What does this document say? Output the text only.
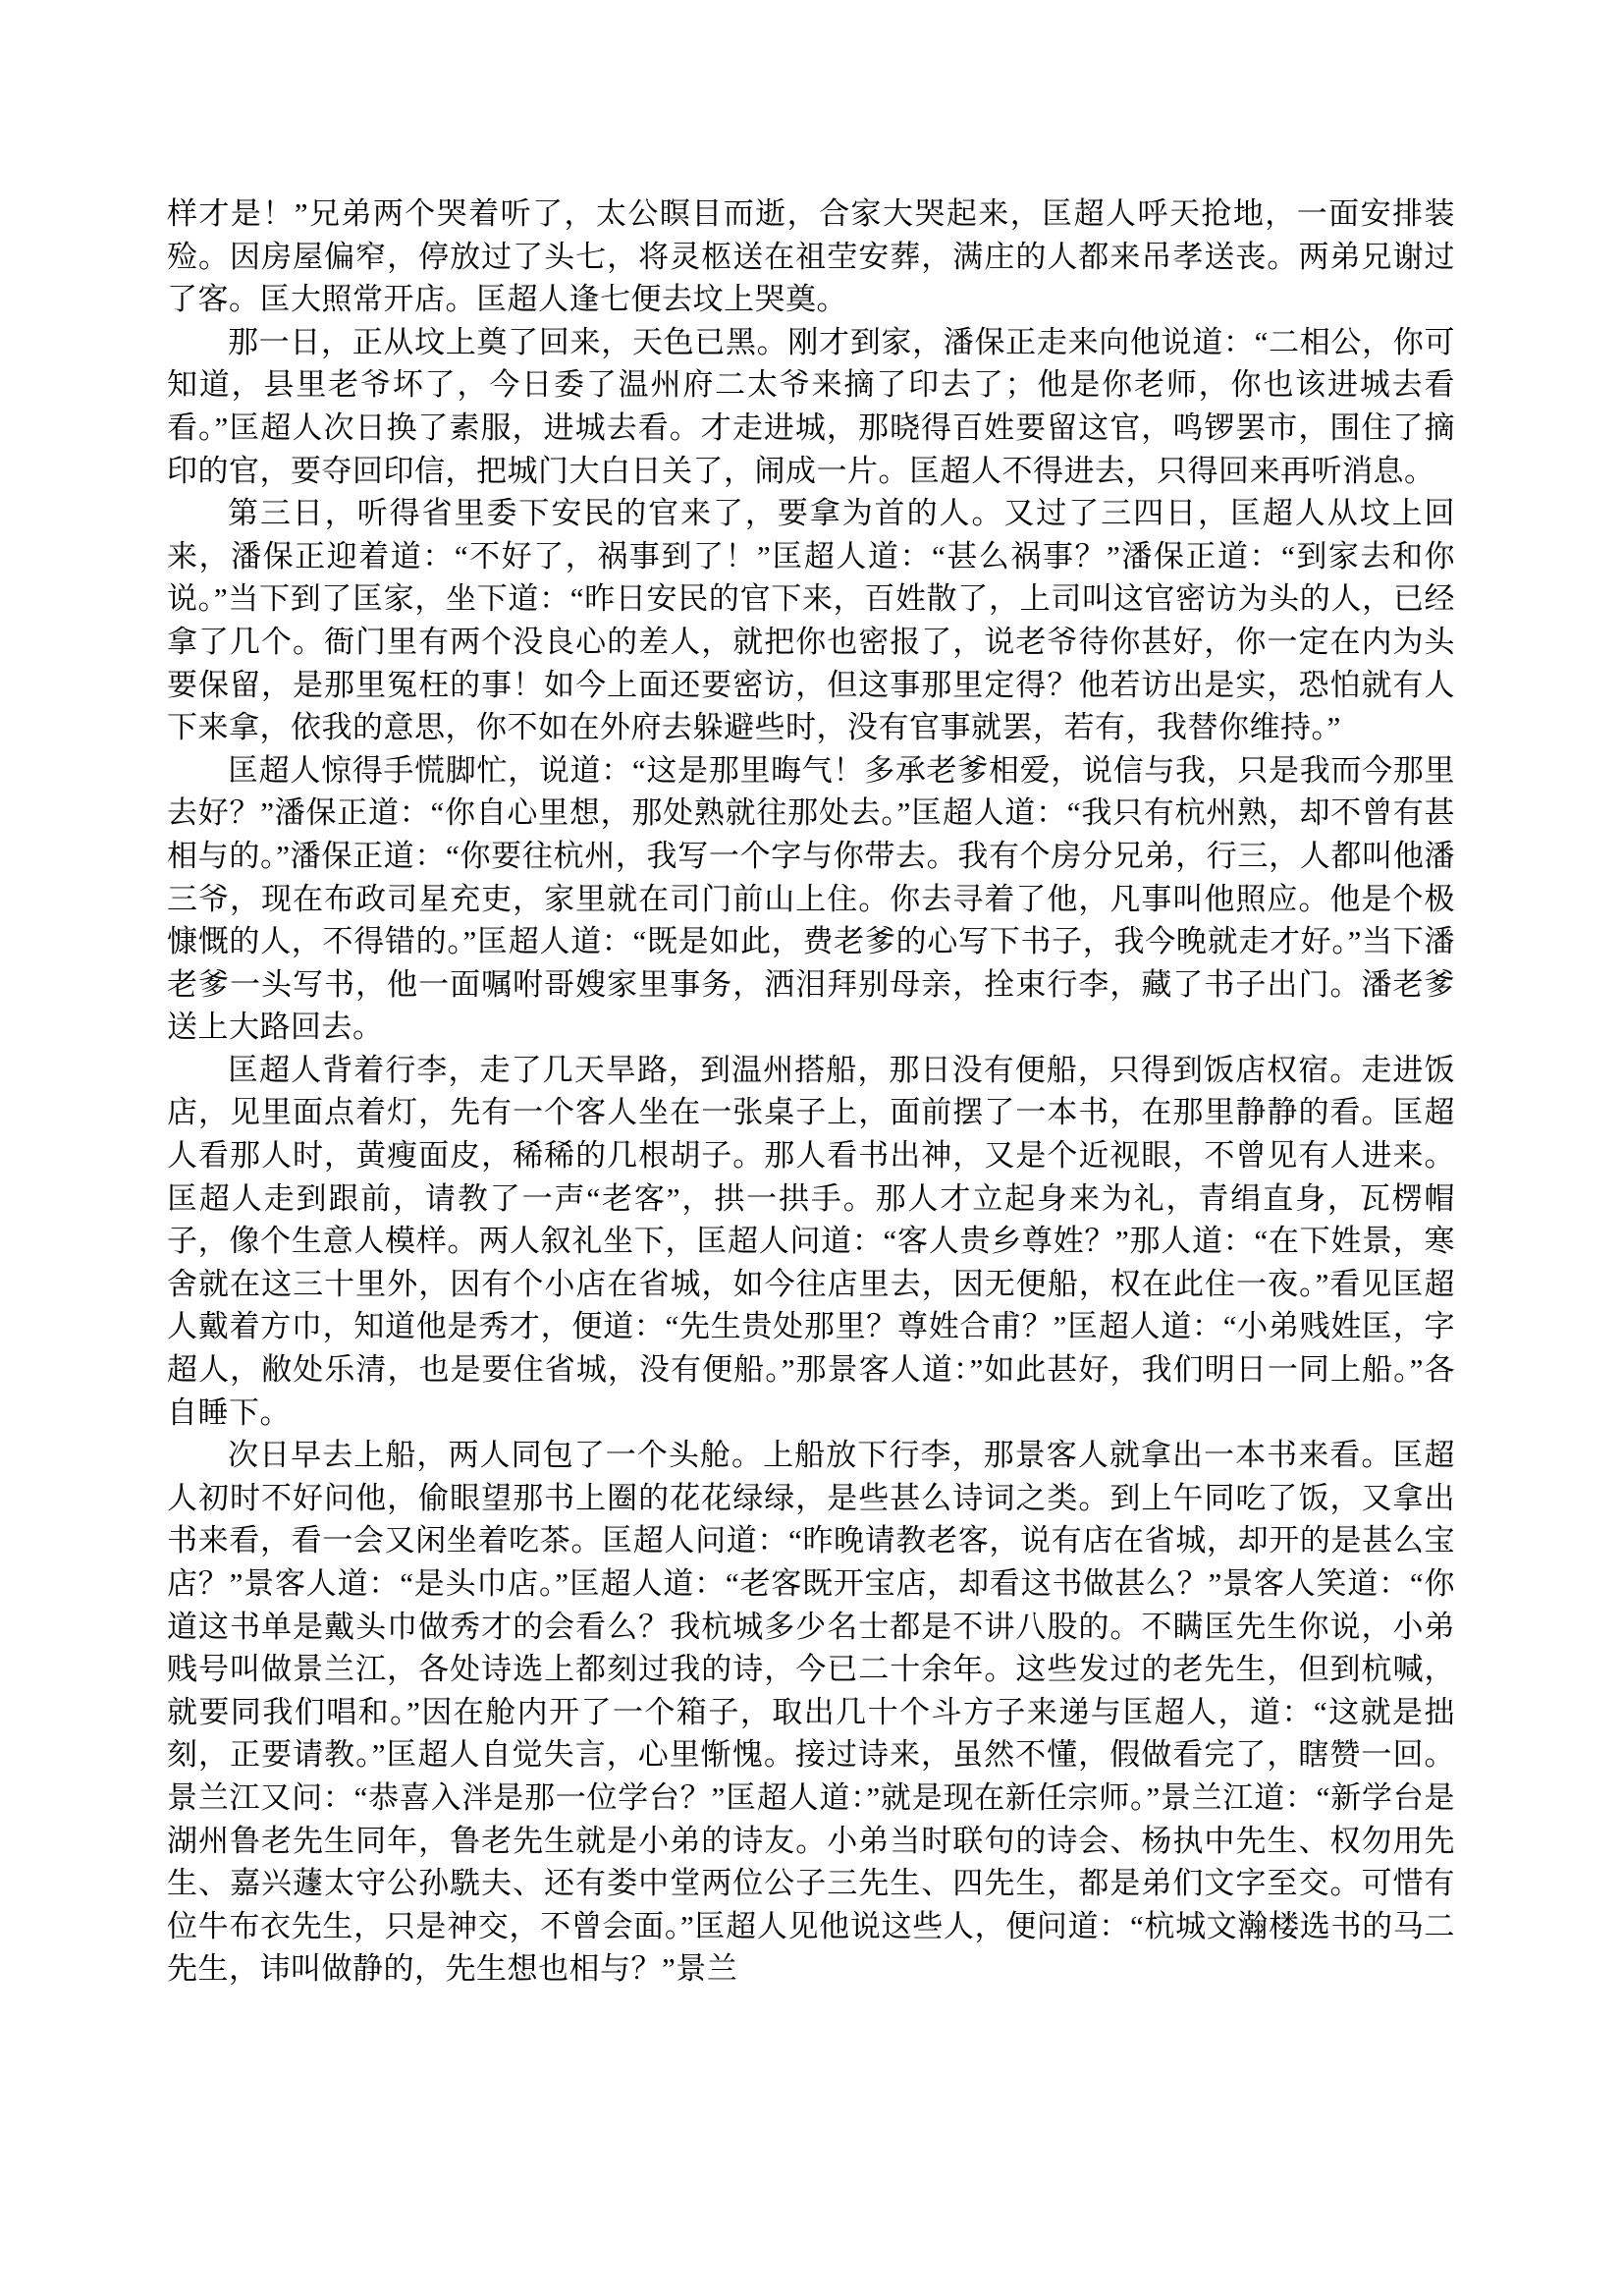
样才是！”兄弟两个哭着听了，太公瞑目而逝，合家大哭起来，匡超人呼天抢地，一面安排装殓。因房屋偏窄，停放过了头七，将灵柩送在祖茔安葬，满庄的人都来吊孝送丧。两弟兄谢过了客。匡大照常开店。匡超人逢七便去坟上哭奠。

那一日，正从坟上奠了回来，天色已黑。刚才到家，潘保正走来向他说道：“二相公，你可知道，县里老爷坏了，今日委了温州府二太爷来摘了印去了；他是你老师，你也该进城去看看。”匡超人次日换了素服，进城去看。才走进城，那晓得百姓要留这官，鸣锣罢市，围住了摘印的官，要夺回印信，把城门大白日关了，闹成一片。匡超人不得进去，只得回来再听消息。

第三日，听得省里委下安民的官来了，要拿为首的人。又过了三四日，匡超人从坟上回来，潘保正迎着道：“不好了，祸事到了！”匡超人道：“甚么祸事？”潘保正道：“到家去和你说。”当下到了匡家，坐下道：“昨日安民的官下来，百姓散了，上司叫这官密访为头的人，已经拿了几个。衙门里有两个没良心的差人，就把你也密报了，说老爷待你甚好，你一定在内为头要保留，是那里冤枉的事！如今上面还要密访，但这事那里定得？他若访出是实，恐怕就有人下来拿，依我的意思，你不如在外府去躲避些时，没有官事就罢，若有，我替你维持。”

匡超人惊得手慌脚忙，说道：“这是那里晦气！多承老爹相爱，说信与我，只是我而今那里去好？”潘保正道：“你自心里想，那处熟就往那处去。”匡超人道：“我只有杭州熟，却不曾有甚相与的。”潘保正道：“你要往杭州，我写一个字与你带去。我有个房分兄弟，行三，人都叫他潘三爷，现在布政司星充吏，家里就在司门前山上住。你去寻着了他，凡事叫他照应。他是个极慷慨的人，不得错的。”匡超人道：“既是如此，费老爹的心写下书子，我今晚就走才好。”当下潘老爹一头写书，他一面嘱咐哥嫂家里事务，洒泪拜别母亲，拴束行李，藏了书子出门。潘老爹送上大路回去。

匡超人背着行李，走了几天旱路，到温州搭船，那日没有便船，只得到饭店权宿。走进饭店，见里面点着灯，先有一个客人坐在一张桌子上，面前摆了一本书，在那里静静的看。匡超人看那人时，黄瘦面皮，稀稀的几根胡子。那人看书出神，又是个近视眼，不曾见有人进来。匡超人走到跟前，请教了一声“老客”，拱一拱手。那人才立起身来为礼，青绢直身，瓦楞帽子，像个生意人模样。两人叙礼坐下，匡超人问道：“客人贵乡尊姓？”那人道：“在下姓景，寒舍就在这三十里外，因有个小店在省城，如今往店里去，因无便船，权在此住一夜。”看见匡超人戴着方巾，知道他是秀才，便道：“先生贵处那里？尊姓合甫？”匡超人道：“小弟贱姓匡，字超人，敝处乐清，也是要住省城，没有便船。”那景客人道：”如此甚好，我们明日一同上船。”各自睡下。

次日早去上船，两人同包了一个头舱。上船放下行李，那景客人就拿出一本书来看。匡超人初时不好问他，偷眼望那书上圈的花花绿绿，是些甚么诗词之类。到上午同吃了饭，又拿出书来看，看一会又闲坐着吃茶。匡超人问道：“昨晚请教老客，说有店在省城，却开的是甚么宝店？”景客人道：“是头巾店。”匡超人道：“老客既开宝店，却看这书做甚么？”景客人笑道：“你道这书单是戴头巾做秀才的会看么？我杭城多少名士都是不讲八股的。不瞒匡先生你说，小弟贱号叫做景兰江，各处诗选上都刻过我的诗，今已二十余年。这些发过的老先生，但到杭喊，就要同我们唱和。”因在舱内开了一个箱子，取出几十个斗方子来递与匡超人，道：“这就是拙刻，正要请教。”匡超人自觉失言，心里惭愧。接过诗来，虽然不懂，假做看完了，瞎赞一回。景兰江又问：“恭喜入泮是那一位学台？”匡超人道：”就是现在新任宗师。”景兰江道：“新学台是湖州鲁老先生同年，鲁老先生就是小弟的诗友。小弟当时联句的诗会、杨执中先生、权勿用先生、嘉兴蘧太守公孙駪夫、还有娄中堂两位公子三先生、四先生，都是弟们文字至交。可惜有位牛布衣先生，只是神交，不曾会面。”匡超人见他说这些人，便问道：“杭城文瀚楼选书的马二先生，讳叫做静的，先生想也相与？”景兰
